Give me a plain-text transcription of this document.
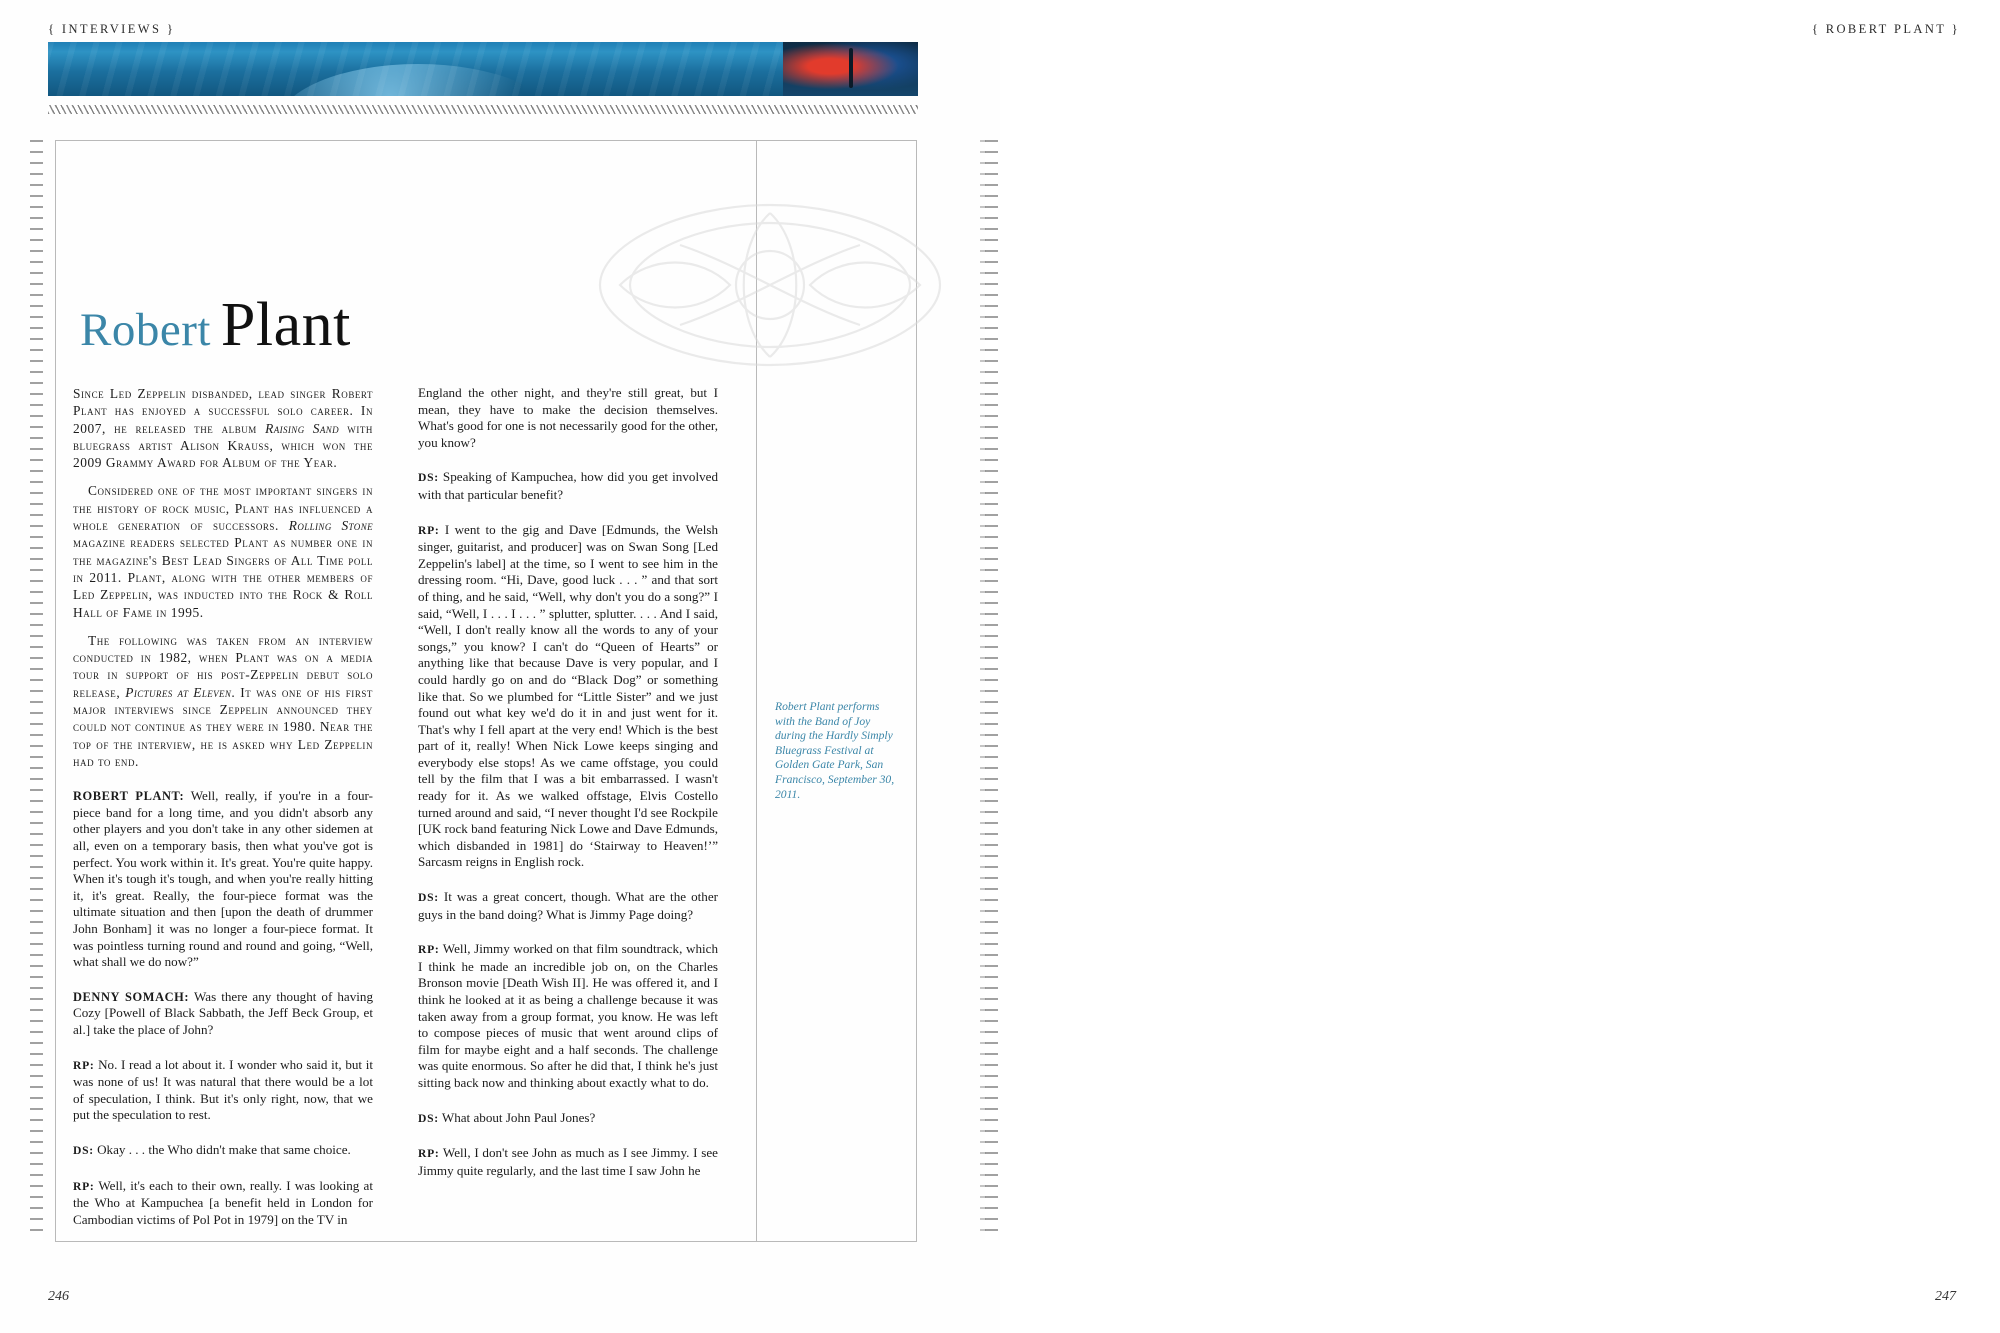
{ INTERVIEWS }
Robert Plant

Since Led Zeppelin disbanded, lead singer Robert Plant has enjoyed a successful solo career. In 2007, he released the album Raising Sand with bluegrass artist Alison Krauss, which won the 2009 Grammy Award for Album of the Year.

Considered one of the most important singers in the history of rock music, Plant has influenced a whole generation of successors. Rolling Stone magazine readers selected Plant as number one in the magazine's Best Lead Singers of All Time poll in 2011. Plant, along with the other members of Led Zeppelin, was inducted into the Rock & Roll Hall of Fame in 1995.

The following was taken from an interview conducted in 1982, when Plant was on a media tour in support of his post-Zeppelin debut solo release, Pictures at Eleven. It was one of his first major interviews since Zeppelin announced they could not continue as they were in 1980. Near the top of the interview, he is asked why Led Zeppelin had to end.

ROBERT PLANT: Well, really, if you're in a four-piece band for a long time, and you didn't absorb any other players and you don't take in any other sidemen at all, even on a temporary basis, then what you've got is perfect. You work within it. It's great. You're quite happy. When it's tough it's tough, and when you're really hitting it, it's great. Really, the four-piece format was the ultimate situation and then [upon the death of drummer John Bonham] it was no longer a four-piece format. It was pointless turning round and round and going, “Well, what shall we do now?”

DENNY SOMACH: Was there any thought of having Cozy [Powell of Black Sabbath, the Jeff Beck Group, et al.] take the place of John?

RP: No. I read a lot about it. I wonder who said it, but it was none of us! It was natural that there would be a lot of speculation, I think. But it's only right, now, that we put the speculation to rest.

DS: Okay . . . the Who didn't make that same choice.

RP: Well, it's each to their own, really. I was looking at the Who at Kampuchea [a benefit held in London for Cambodian victims of Pol Pot in 1979] on the TV in

England the other night, and they're still great, but I mean, they have to make the decision themselves. What's good for one is not necessarily good for the other, you know?

DS: Speaking of Kampuchea, how did you get involved with that particular benefit?

RP: I went to the gig and Dave [Edmunds, the Welsh singer, guitarist, and producer] was on Swan Song [Led Zeppelin's label] at the time, so I went to see him in the dressing room. “Hi, Dave, good luck . . . ” and that sort of thing, and he said, “Well, why don't you do a song?” I said, “Well, I . . . I . . . ” splutter, splutter. . . . And I said, “Well, I don't really know all the words to any of your songs,” you know? I can't do “Queen of Hearts” or anything like that because Dave is very popular, and I could hardly go on and do “Black Dog” or something like that. So we plumbed for “Little Sister” and we just found out what key we'd do it in and just went for it. That's why I fell apart at the very end! Which is the best part of it, really! When Nick Lowe keeps singing and everybody else stops! As we came offstage, you could tell by the film that I was a bit embarrassed. I wasn't ready for it. As we walked offstage, Elvis Costello turned around and said, “I never thought I'd see Rockpile [UK rock band featuring Nick Lowe and Dave Edmunds, which disbanded in 1981] do ‘Stairway to Heaven!’” Sarcasm reigns in English rock.

DS: It was a great concert, though. What are the other guys in the band doing? What is Jimmy Page doing?

RP: Well, Jimmy worked on that film soundtrack, which I think he made an incredible job on, on the Charles Bronson movie [Death Wish II]. He was offered it, and I think he looked at it as being a challenge because it was taken away from a group format, you know. He was left to compose pieces of music that went around clips of film for maybe eight and a half seconds. The challenge was quite enormous. So after he did that, I think he's just sitting back now and thinking about exactly what to do.

DS: What about John Paul Jones?

RP: Well, I don't see John as much as I see Jimmy. I see Jimmy quite regularly, and the last time I saw John he

246
{ ROBERT PLANT }
247
Robert Plant performs with the Band of Joy during the Hardly Simply Bluegrass Festival at Golden Gate Park, San Francisco, September 30, 2011.
